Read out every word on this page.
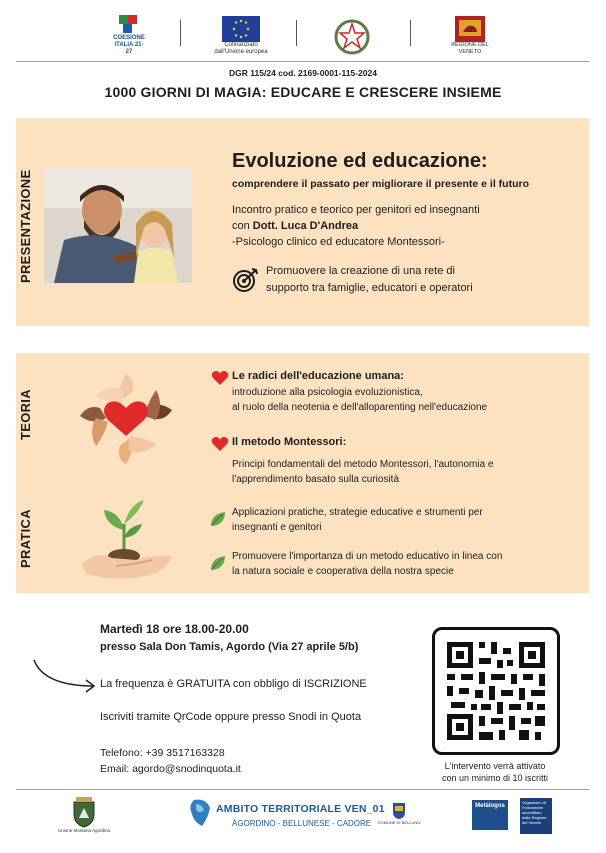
COESIONE ITALIA 21-27
Cofinanziato dall'Unione europea
REGIONE DEL VENETO
DGR 115/24 cod. 2169-0001-115-2024
1000 GIORNI DI MAGIA: EDUCARE E CRESCERE INSIEME
PRESENTAZIONE
Evoluzione ed educazione:
comprendere il passato per migliorare il presente e il futuro
Incontro pratico e teorico per genitori ed insegnanti
con Dott. Luca D'Andrea
-Psicologo clinico ed educatore Montessori-
Promuovere la creazione di una rete di
supporto tra famiglie, educatori e operatori
TEORIA
PRATICA
Le radici dell'educazione umana:
introduzione alla psicologia evoluzionistica,
al ruolo della neotenia e dell'alloparenting nell'educazione
Il metodo Montessori:
Principi fondamentali del metodo Montessori, l'autonomia e
l'apprendimento basato sulla curiosità
Applicazioni pratiche, strategie educative e strumenti per
insegnanti e genitori
Promuovere l'importanza di un metodo educativo in linea con
la natura sociale e cooperativa della nostra specie
Martedì 18 ore 18.00-20.00
presso Sala Don Tamis, Agordo (Via 27 aprile 5/b)
La frequenza è GRATUITA con obbligo di ISCRIZIONE
Iscriviti tramite QrCode oppure presso Snodi in Quota
Telefono: +39 3517163328
Email: agordo@snodinquota.it	L'intervento verrà attivato
con un minimo di 10 iscritti
Unione Montana Agordina
AMBITO TERRITORIALE VEN_01
AGORDINO - BELLUNESE - CADORE COMUNE DI BELLUNO
Metàlogos
Organismo di Formazione accreditato dalla Regione del Veneto
